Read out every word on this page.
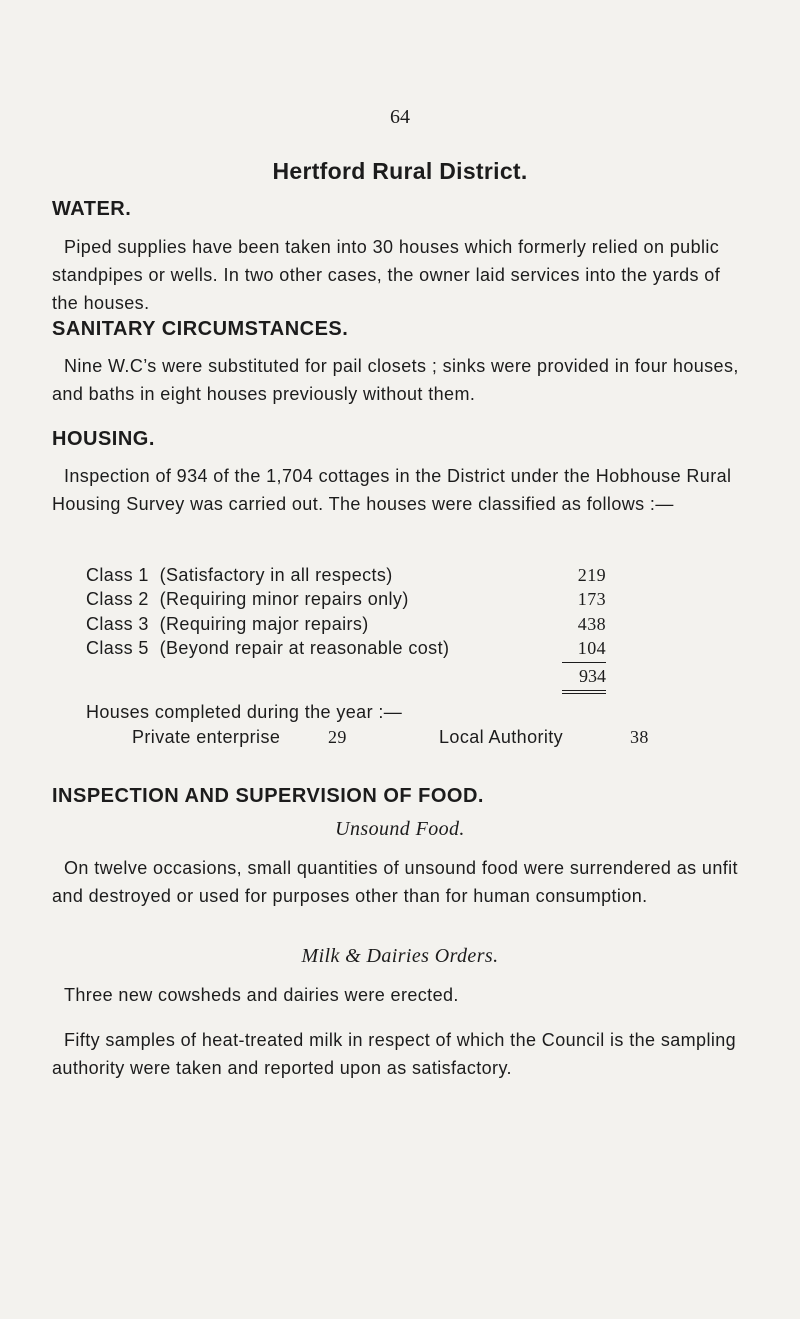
64
Hertford Rural District.
WATER.

Piped supplies have been taken into 30 houses which formerly relied on public standpipes or wells. In two other cases, the owner laid services into the yards of the houses.

SANITARY CIRCUMSTANCES.

Nine W.C’s were substituted for pail closets ; sinks were provided in four houses, and baths in eight houses previously without them.

HOUSING.

Inspection of 934 of the 1,704 cottages in the District under the Hobhouse Rural Housing Survey was carried out. The houses were classified as follows :—

Class 1  (Satisfactory in all respects)	219
Class 2  (Requiring minor repairs only)	173
Class 3  (Requiring major repairs)	438
Class 5  (Beyond repair at reasonable cost)	104
934
Houses completed during the year :—
Private enterprise	29	Local Authority	38
INSPECTION AND SUPERVISION OF FOOD.
Unsound Food.

On twelve occasions, small quantities of unsound food were surrendered as unfit and destroyed or used for purposes other than for human consumption.

Milk & Dairies Orders.
Three new cowsheds and dairies were erected.

Fifty samples of heat-treated milk in respect of which the Council is the sampling authority were taken and reported upon as satisfactory.
